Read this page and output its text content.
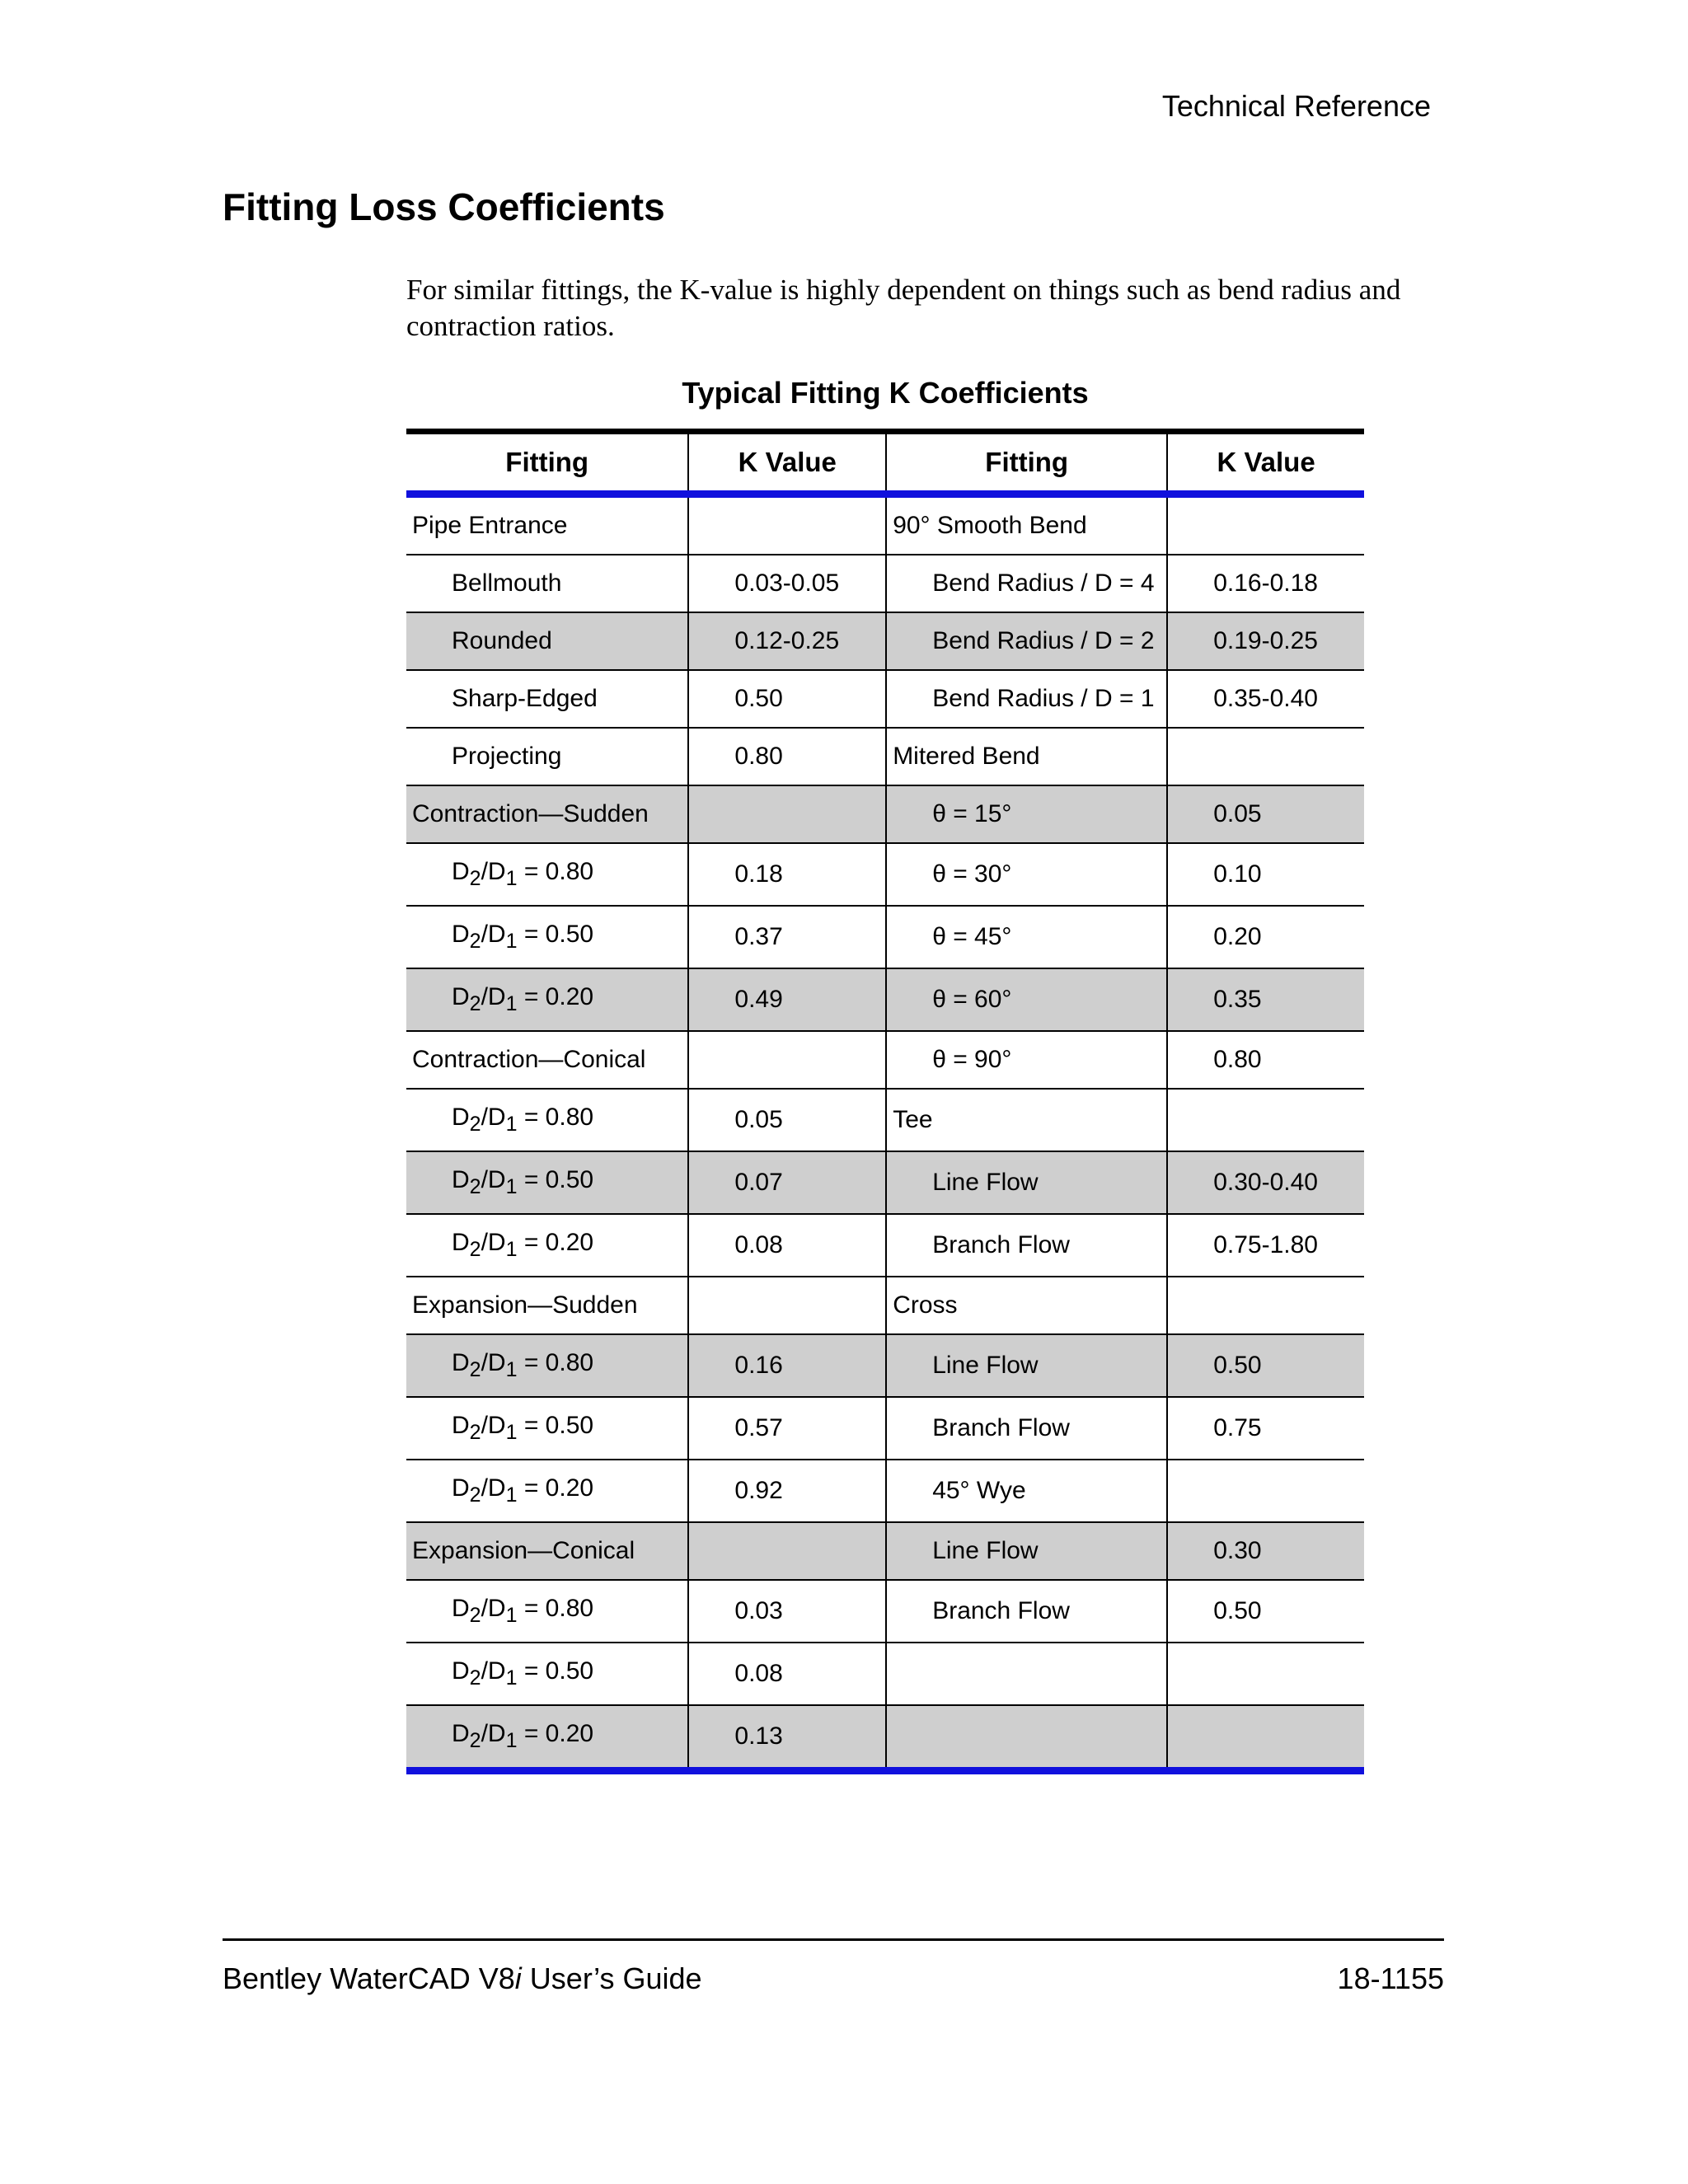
Technical Reference
Fitting Loss Coefficients

For similar fittings, the K-value is highly dependent on things such as bend radius and contraction ratios.

Typical Fitting K Coefficients
Fitting	K Value	Fitting	K Value
Pipe Entrance		90° Smooth Bend	
Bellmouth	0.03-0.05	Bend Radius / D = 4	0.16-0.18
Rounded	0.12-0.25	Bend Radius / D = 2	0.19-0.25
Sharp-Edged	0.50	Bend Radius / D = 1	0.35-0.40
Projecting	0.80	Mitered Bend	
Contraction—Sudden		θ = 15°	0.05
$D_2/D_1 = 0.80$	0.18	θ = 30°	0.10
$D_2/D_1 = 0.50$	0.37	θ = 45°	0.20
$D_2/D_1 = 0.20$	0.49	θ = 60°	0.35
Contraction—Conical		θ = 90°	0.80
$D_2/D_1 = 0.80$	0.05	Tee	
$D_2/D_1 = 0.50$	0.07	Line Flow	0.30-0.40
$D_2/D_1 = 0.20$	0.08	Branch Flow	0.75-1.80
Expansion—Sudden		Cross	
$D_2/D_1 = 0.80$	0.16	Line Flow	0.50
$D_2/D_1 = 0.50$	0.57	Branch Flow	0.75
$D_2/D_1 = 0.20$	0.92	45° Wye	
Expansion—Conical		Line Flow	0.30
$D_2/D_1 = 0.80$	0.03	Branch Flow	0.50
$D_2/D_1 = 0.50$	0.08		
$D_2/D_1 = 0.20$	0.13		
Bentley WaterCAD V8i User’s Guide	18-1155
